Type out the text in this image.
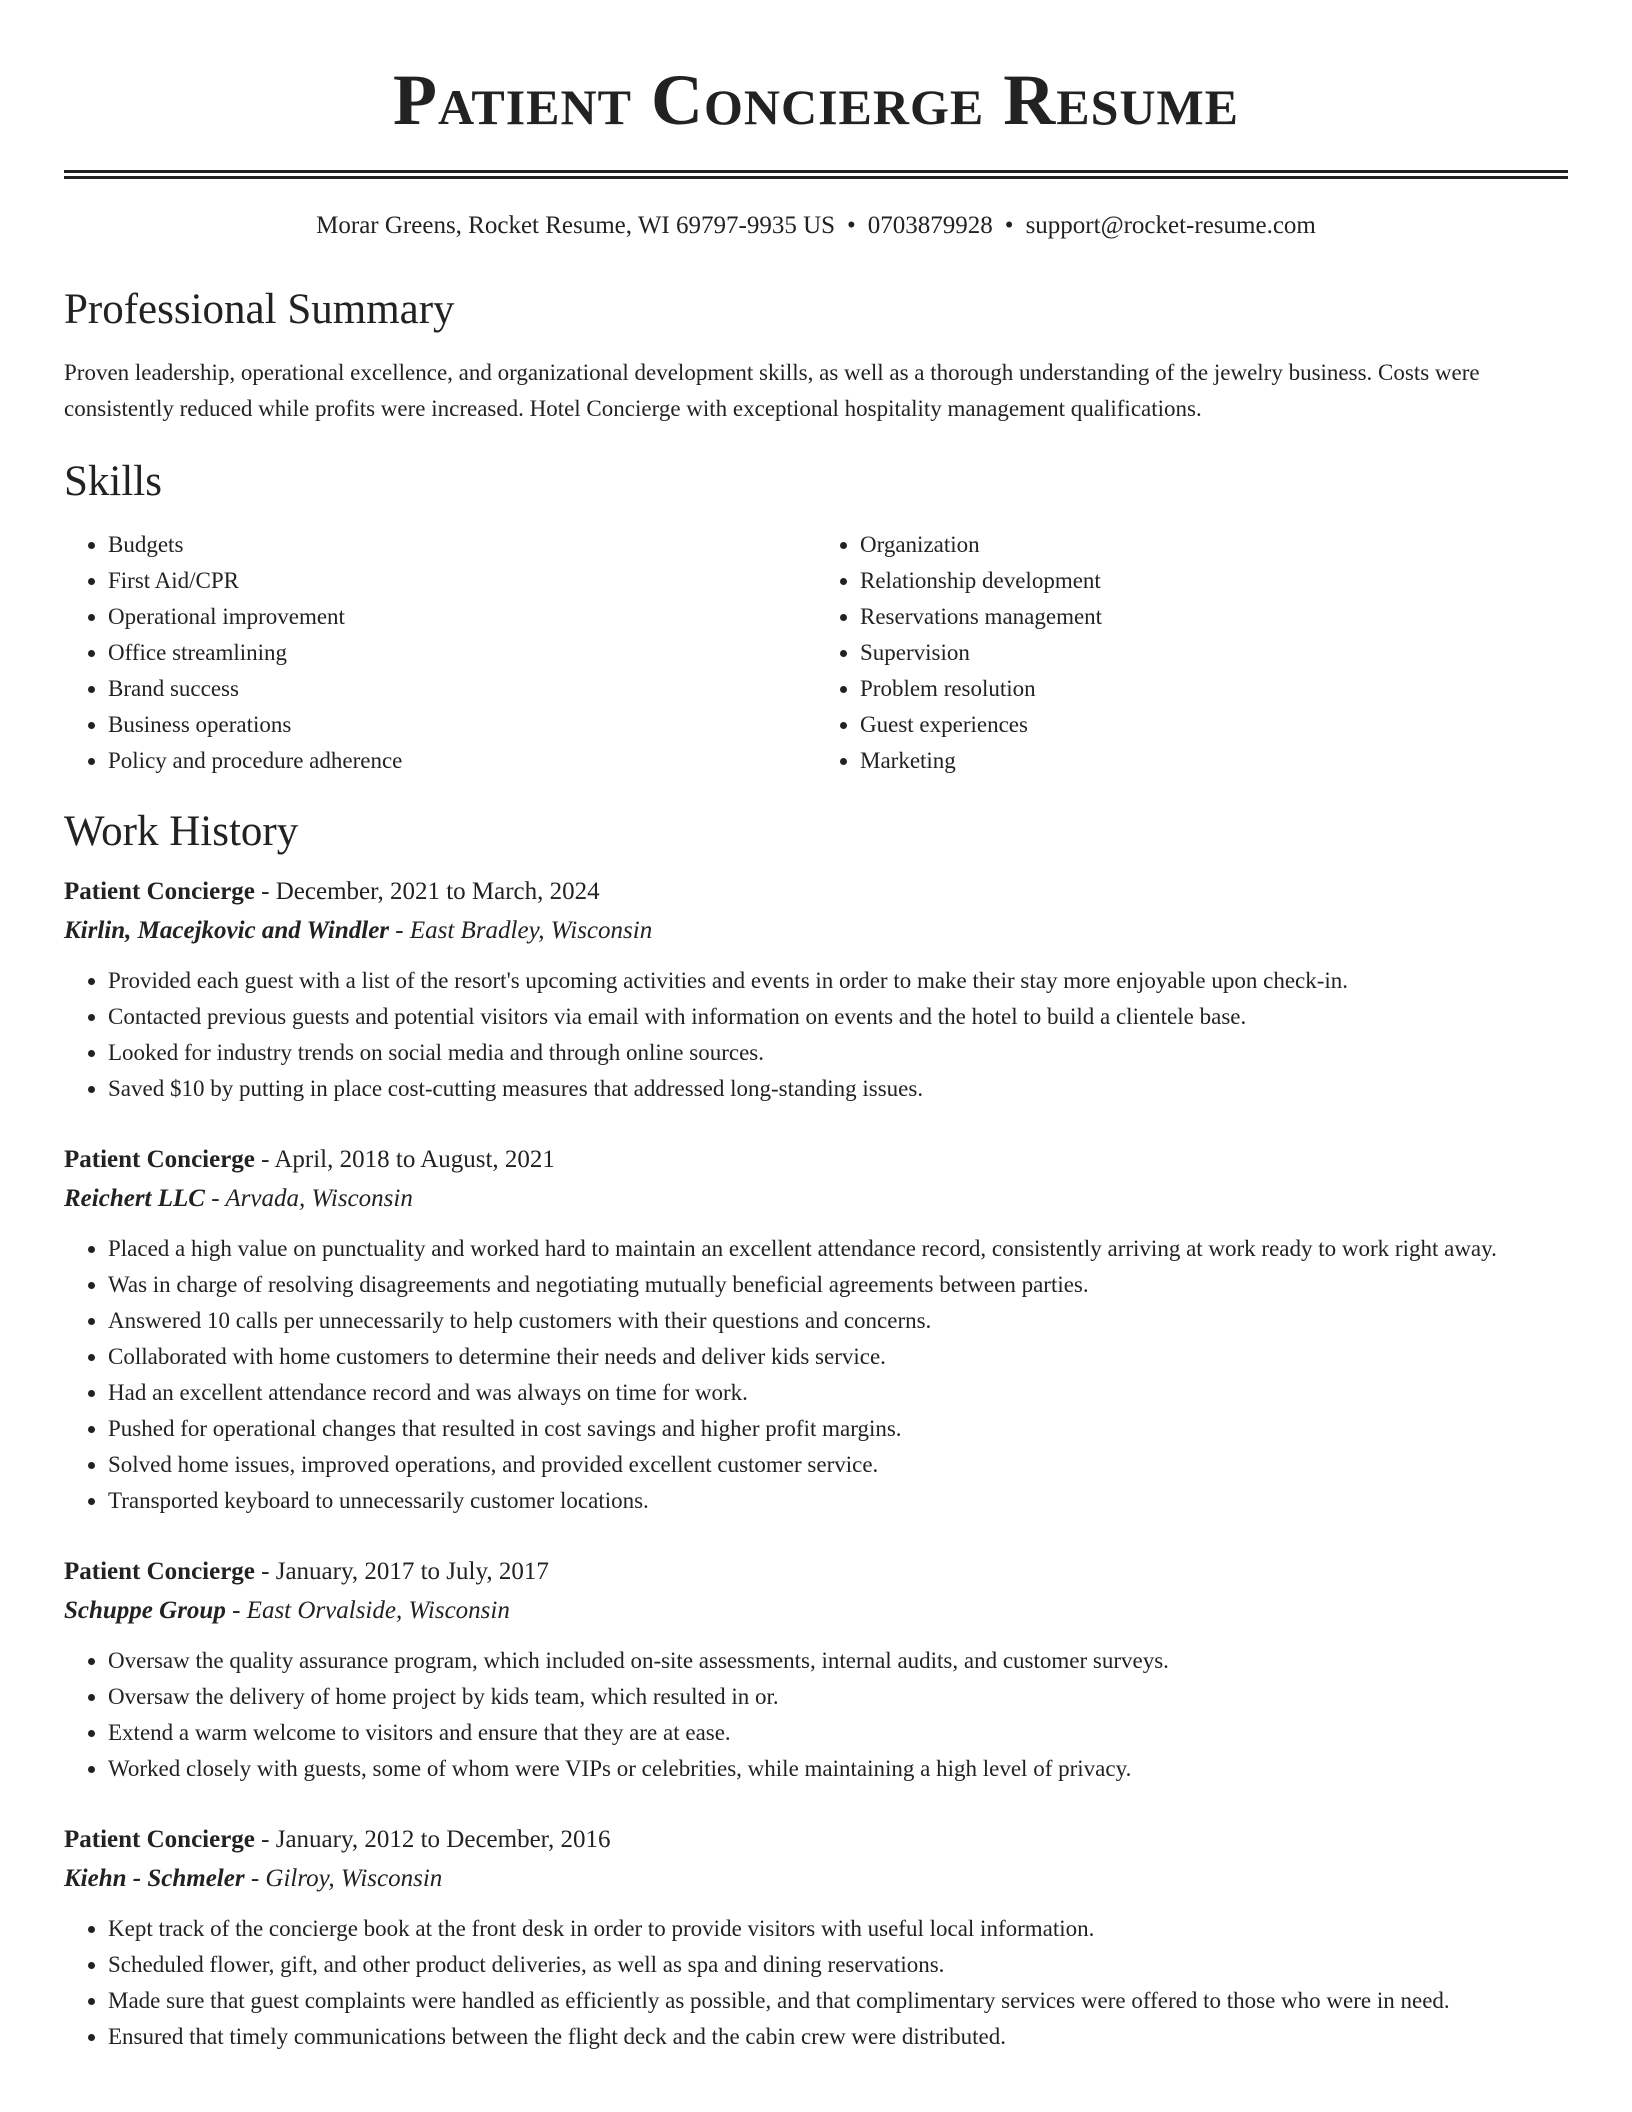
Patient Concierge Resume
Morar Greens, Rocket Resume, WI 69797-9935 US • 0703879928 • support@rocket-resume.com
Professional Summary

Proven leadership, operational excellence, and organizational development skills, as well as a thorough understanding of the jewelry business. Costs were consistently reduced while profits were increased. Hotel Concierge with exceptional hospitality management qualifications.

Skills
• Budgets
• First Aid/CPR
• Operational improvement
• Office streamlining
• Brand success
• Business operations
• Policy and procedure adherence
• Organization
• Relationship development
• Reservations management
• Supervision
• Problem resolution
• Guest experiences
• Marketing
Work History
Patient Concierge - December, 2021 to March, 2024
Kirlin, Macejkovic and Windler - East Bradley, Wisconsin
• Provided each guest with a list of the resort's upcoming activities and events in order to make their stay more enjoyable upon check-in.
• Contacted previous guests and potential visitors via email with information on events and the hotel to build a clientele base.
• Looked for industry trends on social media and through online sources.
• Saved $10 by putting in place cost-cutting measures that addressed long-standing issues.
Patient Concierge - April, 2018 to August, 2021
Reichert LLC - Arvada, Wisconsin
• Placed a high value on punctuality and worked hard to maintain an excellent attendance record, consistently arriving at work ready to work right away.
• Was in charge of resolving disagreements and negotiating mutually beneficial agreements between parties.
• Answered 10 calls per unnecessarily to help customers with their questions and concerns.
• Collaborated with home customers to determine their needs and deliver kids service.
• Had an excellent attendance record and was always on time for work.
• Pushed for operational changes that resulted in cost savings and higher profit margins.
• Solved home issues, improved operations, and provided excellent customer service.
• Transported keyboard to unnecessarily customer locations.
Patient Concierge - January, 2017 to July, 2017
Schuppe Group - East Orvalside, Wisconsin
• Oversaw the quality assurance program, which included on-site assessments, internal audits, and customer surveys.
• Oversaw the delivery of home project by kids team, which resulted in or.
• Extend a warm welcome to visitors and ensure that they are at ease.
• Worked closely with guests, some of whom were VIPs or celebrities, while maintaining a high level of privacy.
Patient Concierge - January, 2012 to December, 2016
Kiehn - Schmeler - Gilroy, Wisconsin
• Kept track of the concierge book at the front desk in order to provide visitors with useful local information.
• Scheduled flower, gift, and other product deliveries, as well as spa and dining reservations.
• Made sure that guest complaints were handled as efficiently as possible, and that complimentary services were offered to those who were in need.
• Ensured that timely communications between the flight deck and the cabin crew were distributed.
